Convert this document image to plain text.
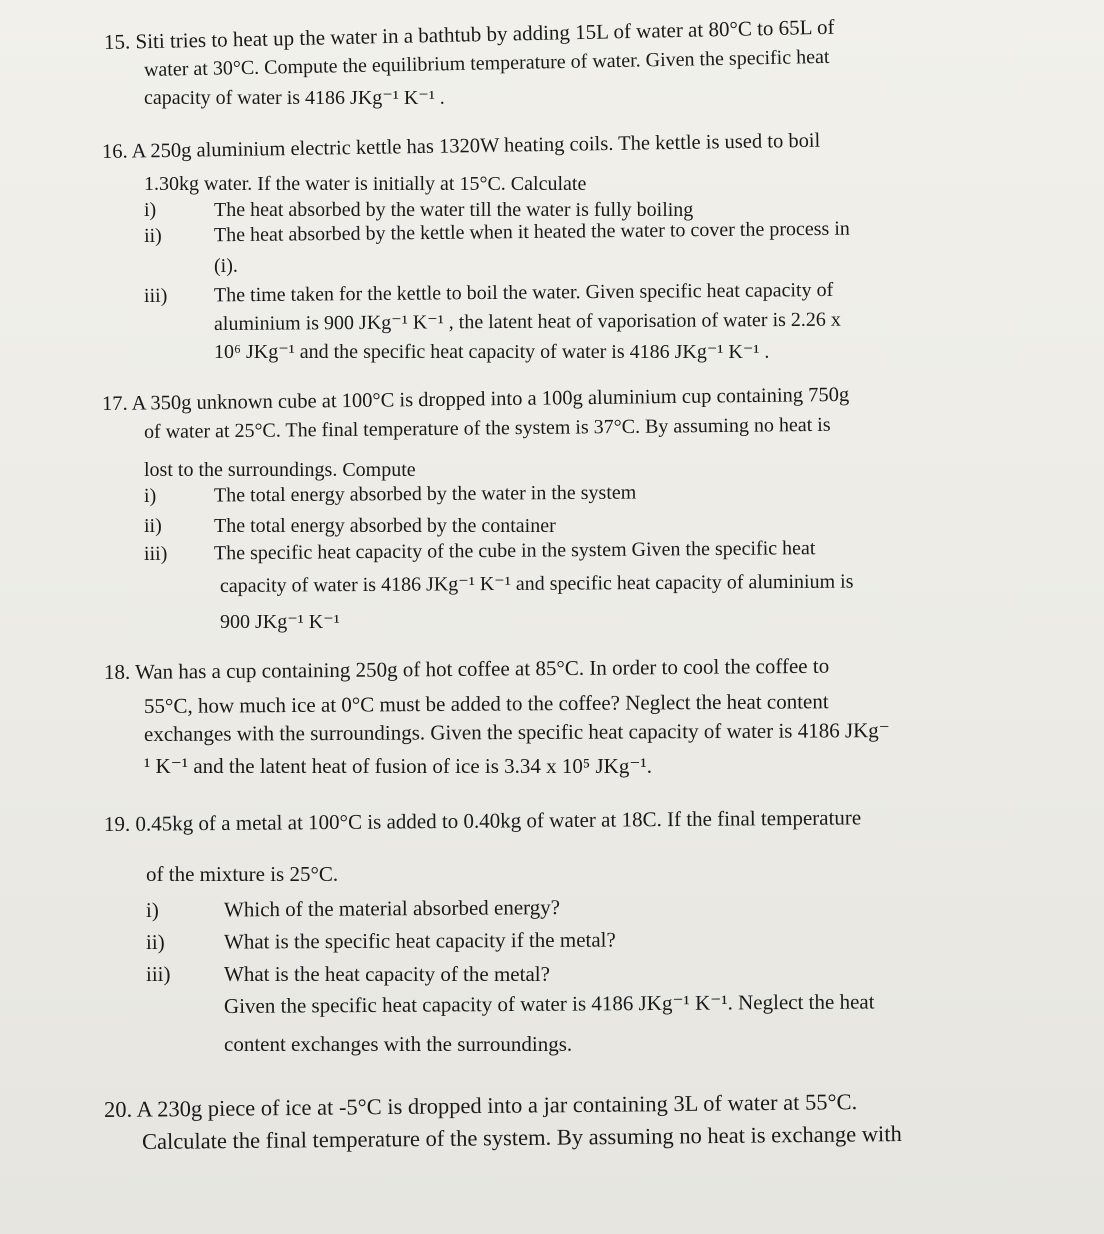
15. Siti tries to heat up the water in a bathtub by adding 15L of water at 80°C to 65L of
water at 30°C. Compute the equilibrium temperature of water. Given the specific heat
capacity of water is 4186 JKg⁻¹ K⁻¹ .
16. A 250g aluminium electric kettle has 1320W heating coils. The kettle is used to boil
1.30kg water. If the water is initially at 15°C. Calculate
i)	The heat absorbed by the water till the water is fully boiling
ii)	The heat absorbed by the kettle when it heated the water to cover the process in
(i).
iii) The time taken for the kettle to boil the water. Given specific heat capacity of
aluminium is 900 JKg⁻¹ K⁻¹ , the latent heat of vaporisation of water is 2.26 x
10⁶ JKg⁻¹ and the specific heat capacity of water is 4186 JKg⁻¹ K⁻¹ .
17. A 350g unknown cube at 100°C is dropped into a 100g aluminium cup containing 750g
of water at 25°C. The final temperature of the system is 37°C. By assuming no heat is
lost to the surroundings. Compute
i)	The total energy absorbed by the water in the system
ii)	The total energy absorbed by the container
iii) The specific heat capacity of the cube in the system Given the specific heat
capacity of water is 4186 JKg⁻¹ K⁻¹ and specific heat capacity of aluminium is
900 JKg⁻¹ K⁻¹
18. Wan has a cup containing 250g of hot coffee at 85°C. In order to cool the coffee to
55°C, how much ice at 0°C must be added to the coffee? Neglect the heat content
exchanges with the surroundings. Given the specific heat capacity of water is 4186 JKg⁻
¹ K⁻¹ and the latent heat of fusion of ice is 3.34 x 10⁵ JKg⁻¹.
19. 0.45kg of a metal at 100°C is added to 0.40kg of water at 18C. If the final temperature
of the mixture is 25°C.
i)	Which of the material absorbed energy?
ii)	What is the specific heat capacity if the metal?
iii)	What is the heat capacity of the metal?
Given the specific heat capacity of water is 4186 JKg⁻¹ K⁻¹. Neglect the heat
content exchanges with the surroundings.
20. A 230g piece of ice at -5°C is dropped into a jar containing 3L of water at 55°C.
Calculate the final temperature of the system. By assuming no heat is exchange with
